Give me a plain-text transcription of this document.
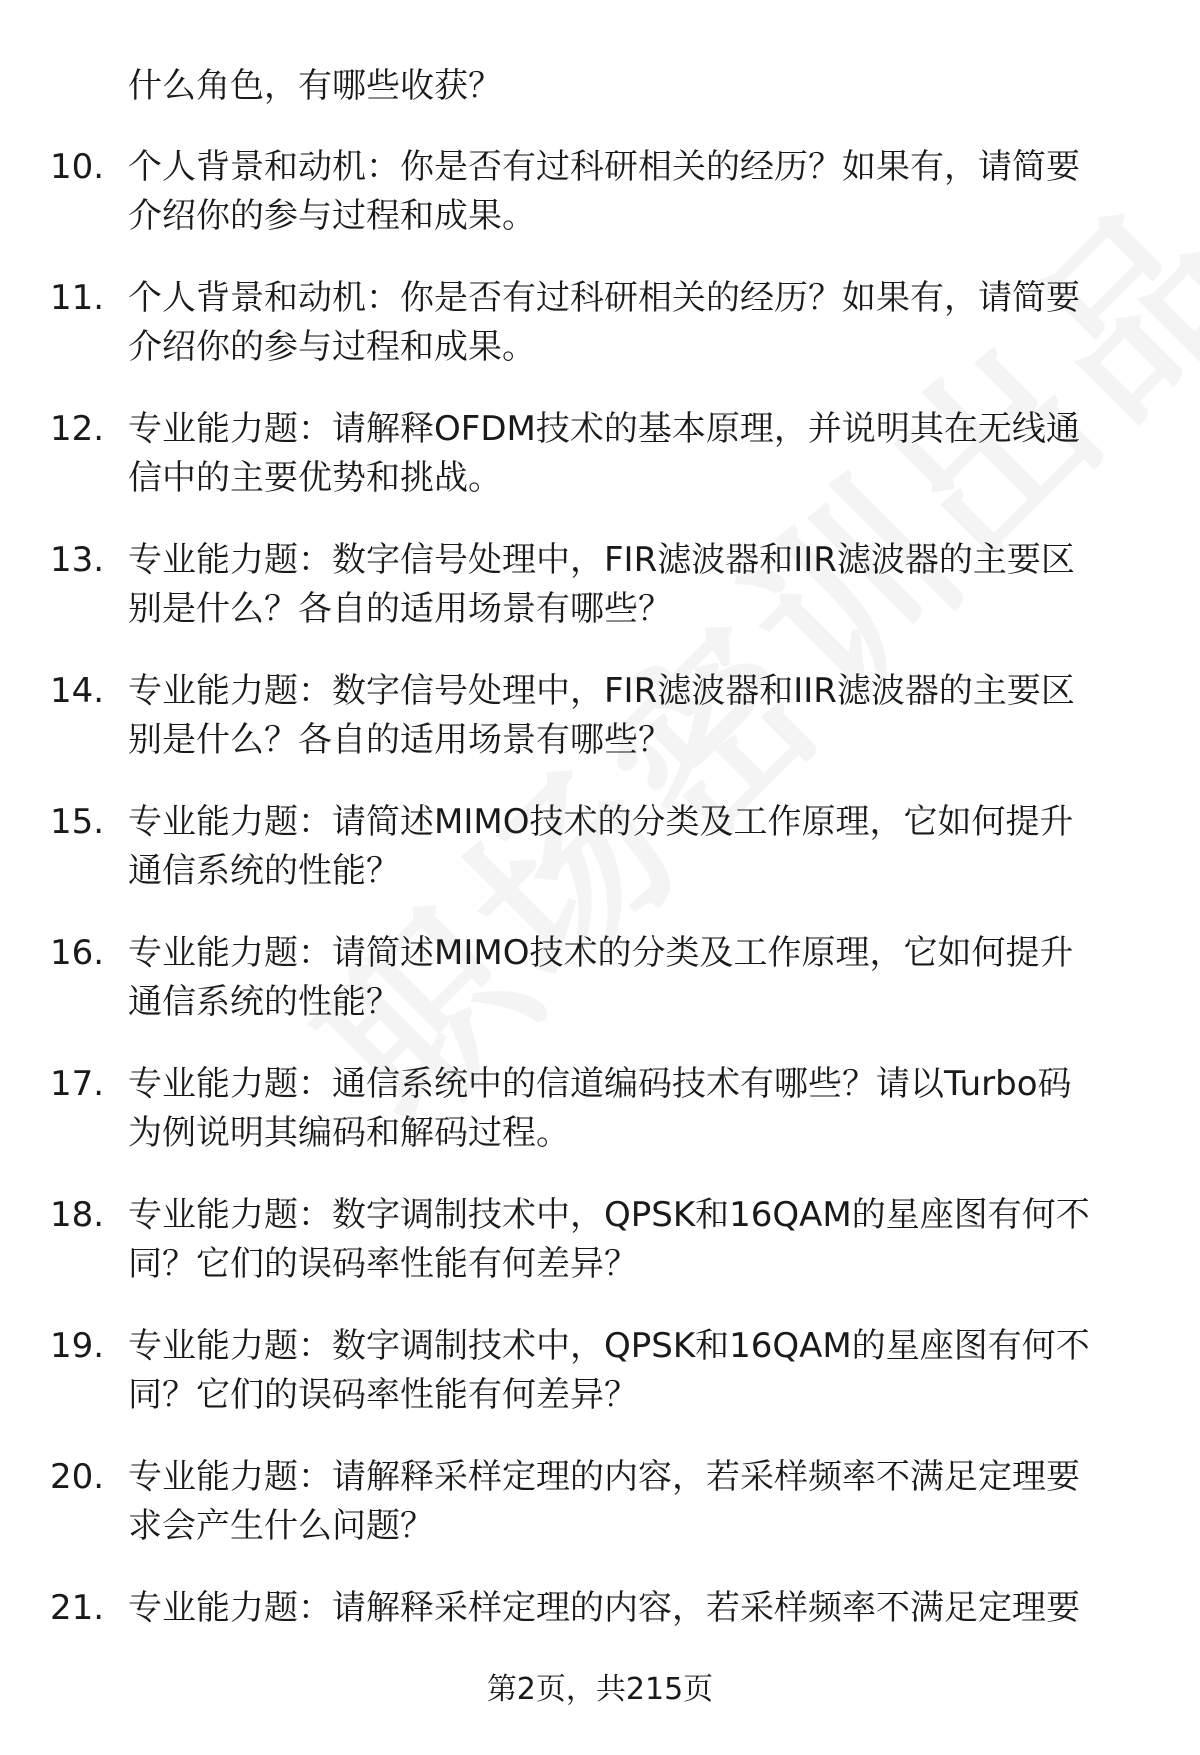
什么角色，有哪些收获？
10. 个人背景和动机：你是否有过科研相关的经历？如果有，请简要
介绍你的参与过程和成果。
11. 个人背景和动机：你是否有过科研相关的经历？如果有，请简要
介绍你的参与过程和成果。
12. 专业能力题：请解释OFDM技术的基本原理，并说明其在无线通
信中的主要优势和挑战。
13. 专业能力题：数字信号处理中，FIR滤波器和IIR滤波器的主要区
别是什么？各自的适用场景有哪些？
14. 专业能力题：数字信号处理中，FIR滤波器和IIR滤波器的主要区
别是什么？各自的适用场景有哪些？
15. 专业能力题：请简述MIMO技术的分类及工作原理，它如何提升
通信系统的性能？
16. 专业能力题：请简述MIMO技术的分类及工作原理，它如何提升
通信系统的性能？
17. 专业能力题：通信系统中的信道编码技术有哪些？请以Turbo码
为例说明其编码和解码过程。
18. 专业能力题：数字调制技术中，QPSK和16QAM的星座图有何不
同？它们的误码率性能有何差异？
19. 专业能力题：数字调制技术中，QPSK和16QAM的星座图有何不
同？它们的误码率性能有何差异？
20. 专业能力题：请解释采样定理的内容，若采样频率不满足定理要
求会产生什么问题？
21. 专业能力题：请解释采样定理的内容，若采样频率不满足定理要
第2页，共215页
